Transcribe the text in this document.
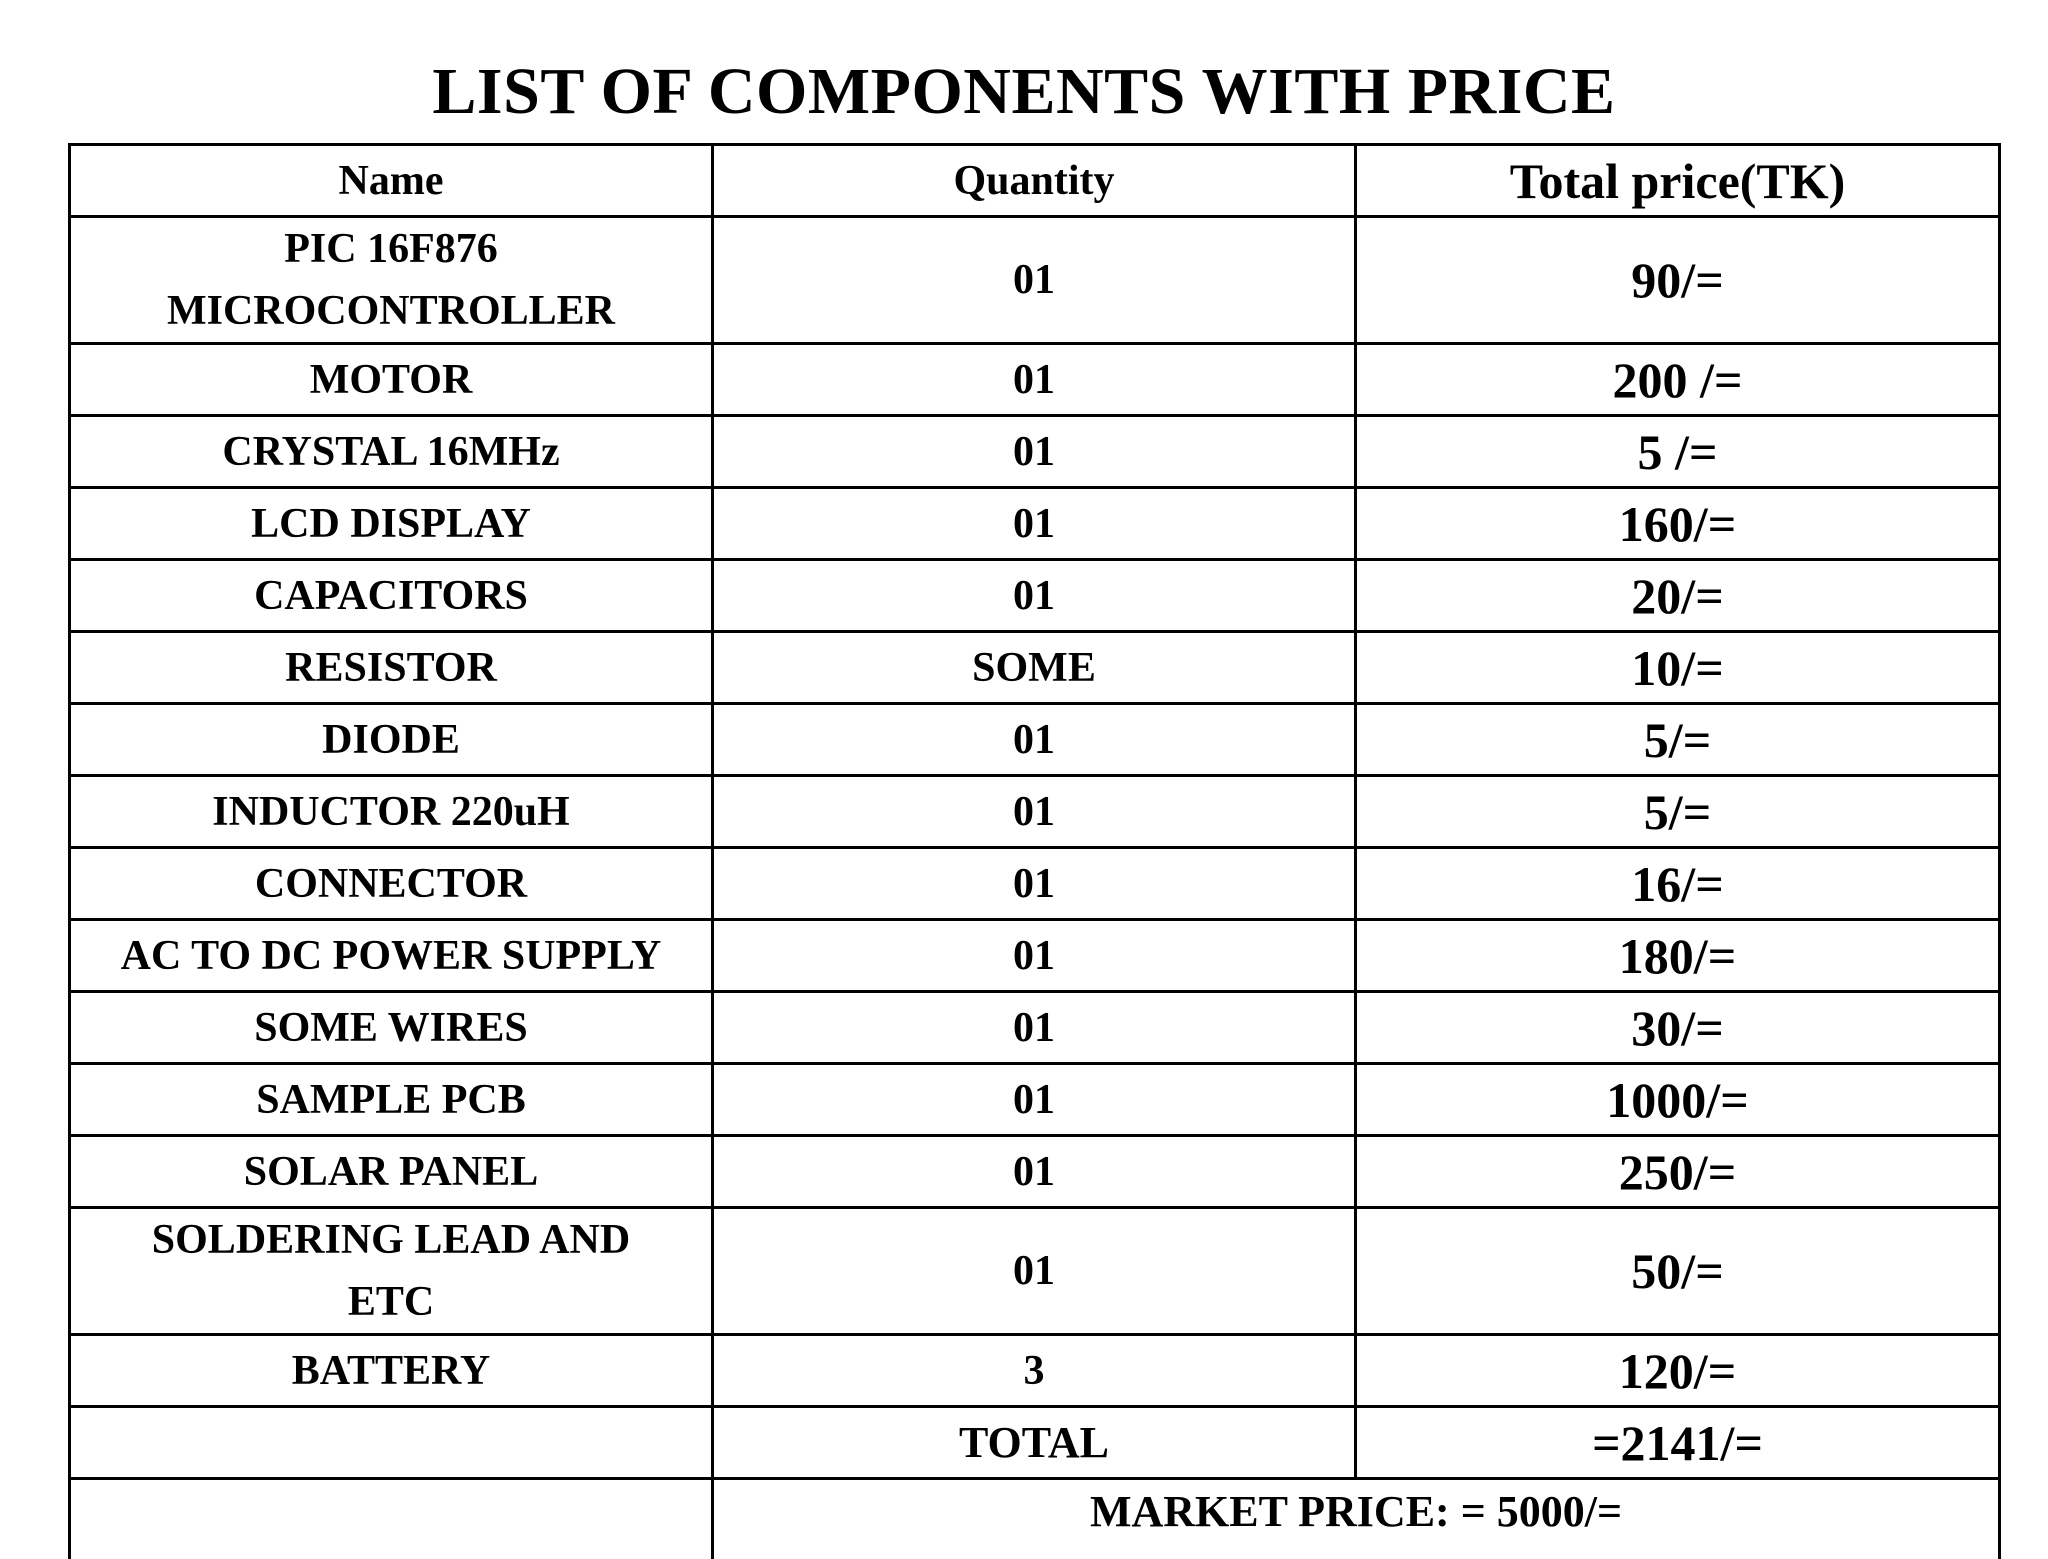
LIST OF COMPONENTS WITH PRICE
Name	Quantity	Total price(TK)

PIC 16F876
MICROCONTROLLER	01	90/=
MOTOR	01	200 /=
CRYSTAL 16MHz	01	5 /=
LCD DISPLAY	01	160/=
CAPACITORS	01	20/=
RESISTOR	SOME	10/=
DIODE	01	5/=
INDUCTOR 220uH	01	5/=
CONNECTOR	01	16/=
AC TO DC POWER SUPPLY	01	180/=
SOME WIRES	01	30/=
SAMPLE PCB	01	1000/=
SOLAR PANEL	01	250/=

SOLDERING LEAD AND
ETC	01	50/=
BATTERY	3	120/=
	TOTAL	=2141/=
	MARKET PRICE: = 5000/=	
